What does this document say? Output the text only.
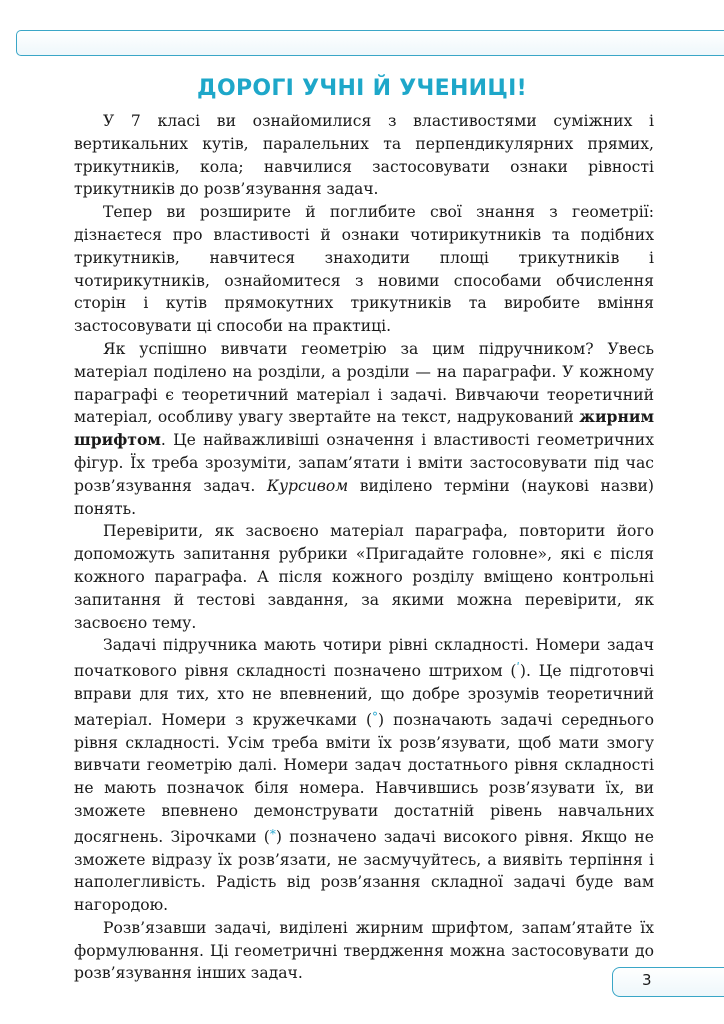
ДОРОГІ УЧНІ Й УЧЕНИЦІ!

У 7 класі ви ознайомилися з властивостями суміжних і вертикальних кутів, паралельних та перпендикулярних прямих, трикутників, кола; навчилися застосовувати ознаки рівності трикутників до розв’язування задач.

Тепер ви розширите й поглибите свої знання з геометрії: дізнаєтеся про властивості й ознаки чотирикутників та подібних трикутників, навчитеся знаходити площі трикутників і чотирикутників, ознайомитеся з новими способами обчислення сторін і кутів прямокутних трикутників та виробите вміння застосовувати ці способи на практиці.

Як успішно вивчати геометрію за цим підручником? Увесь матеріал поділено на розділи, а розділи — на параграфи. У кожному параграфі є теоретичний матеріал і задачі. Вивчаючи теоретичний матеріал, особливу увагу звертайте на текст, надрукований жирним шрифтом. Це найважливіші означення і властивості геометричних фігур. Їх треба зрозуміти, запам’ятати і вміти застосовувати під час розв’язування задач. Курсивом виділено терміни (наукові назви) понять.

Перевірити, як засвоєно матеріал параграфа, повторити його допоможуть запитання рубрики «Пригадайте головне», які є після кожного параграфа. А після кожного розділу вміщено контрольні запитання й тестові завдання, за якими можна перевірити, як засвоєно тему.

Задачі підручника мають чотири рівні складності. Номери задач початкового рівня складності позначено штрихом ($^ʹ$). Це підготовчі вправи для тих, хто не впевнений, що добре зрозумів теоретичний матеріал. Номери з кружечками (°) позначають задачі середнього рівня складності. Усім треба вміти їх розв’язувати, щоб мати змогу вивчати геометрію далі. Номери задач достатнього рівня складності не мають позначок біля номера. Навчившись розв’язувати їх, ви зможете впевнено демонструвати достатній рівень навчальних досягнень. Зірочками (*) позначено задачі високого рівня. Якщо не зможете відразу їх розв’язати, не засмучуйтесь, а виявіть терпіння і наполегливість. Радість від розв’язання складної задачі буде вам нагородою.

Розв’язавши задачі, виділені жирним шрифтом, запам’ятайте їх формулювання. Ці геометричні твердження можна застосовувати до розв’язування інших задач.	3
